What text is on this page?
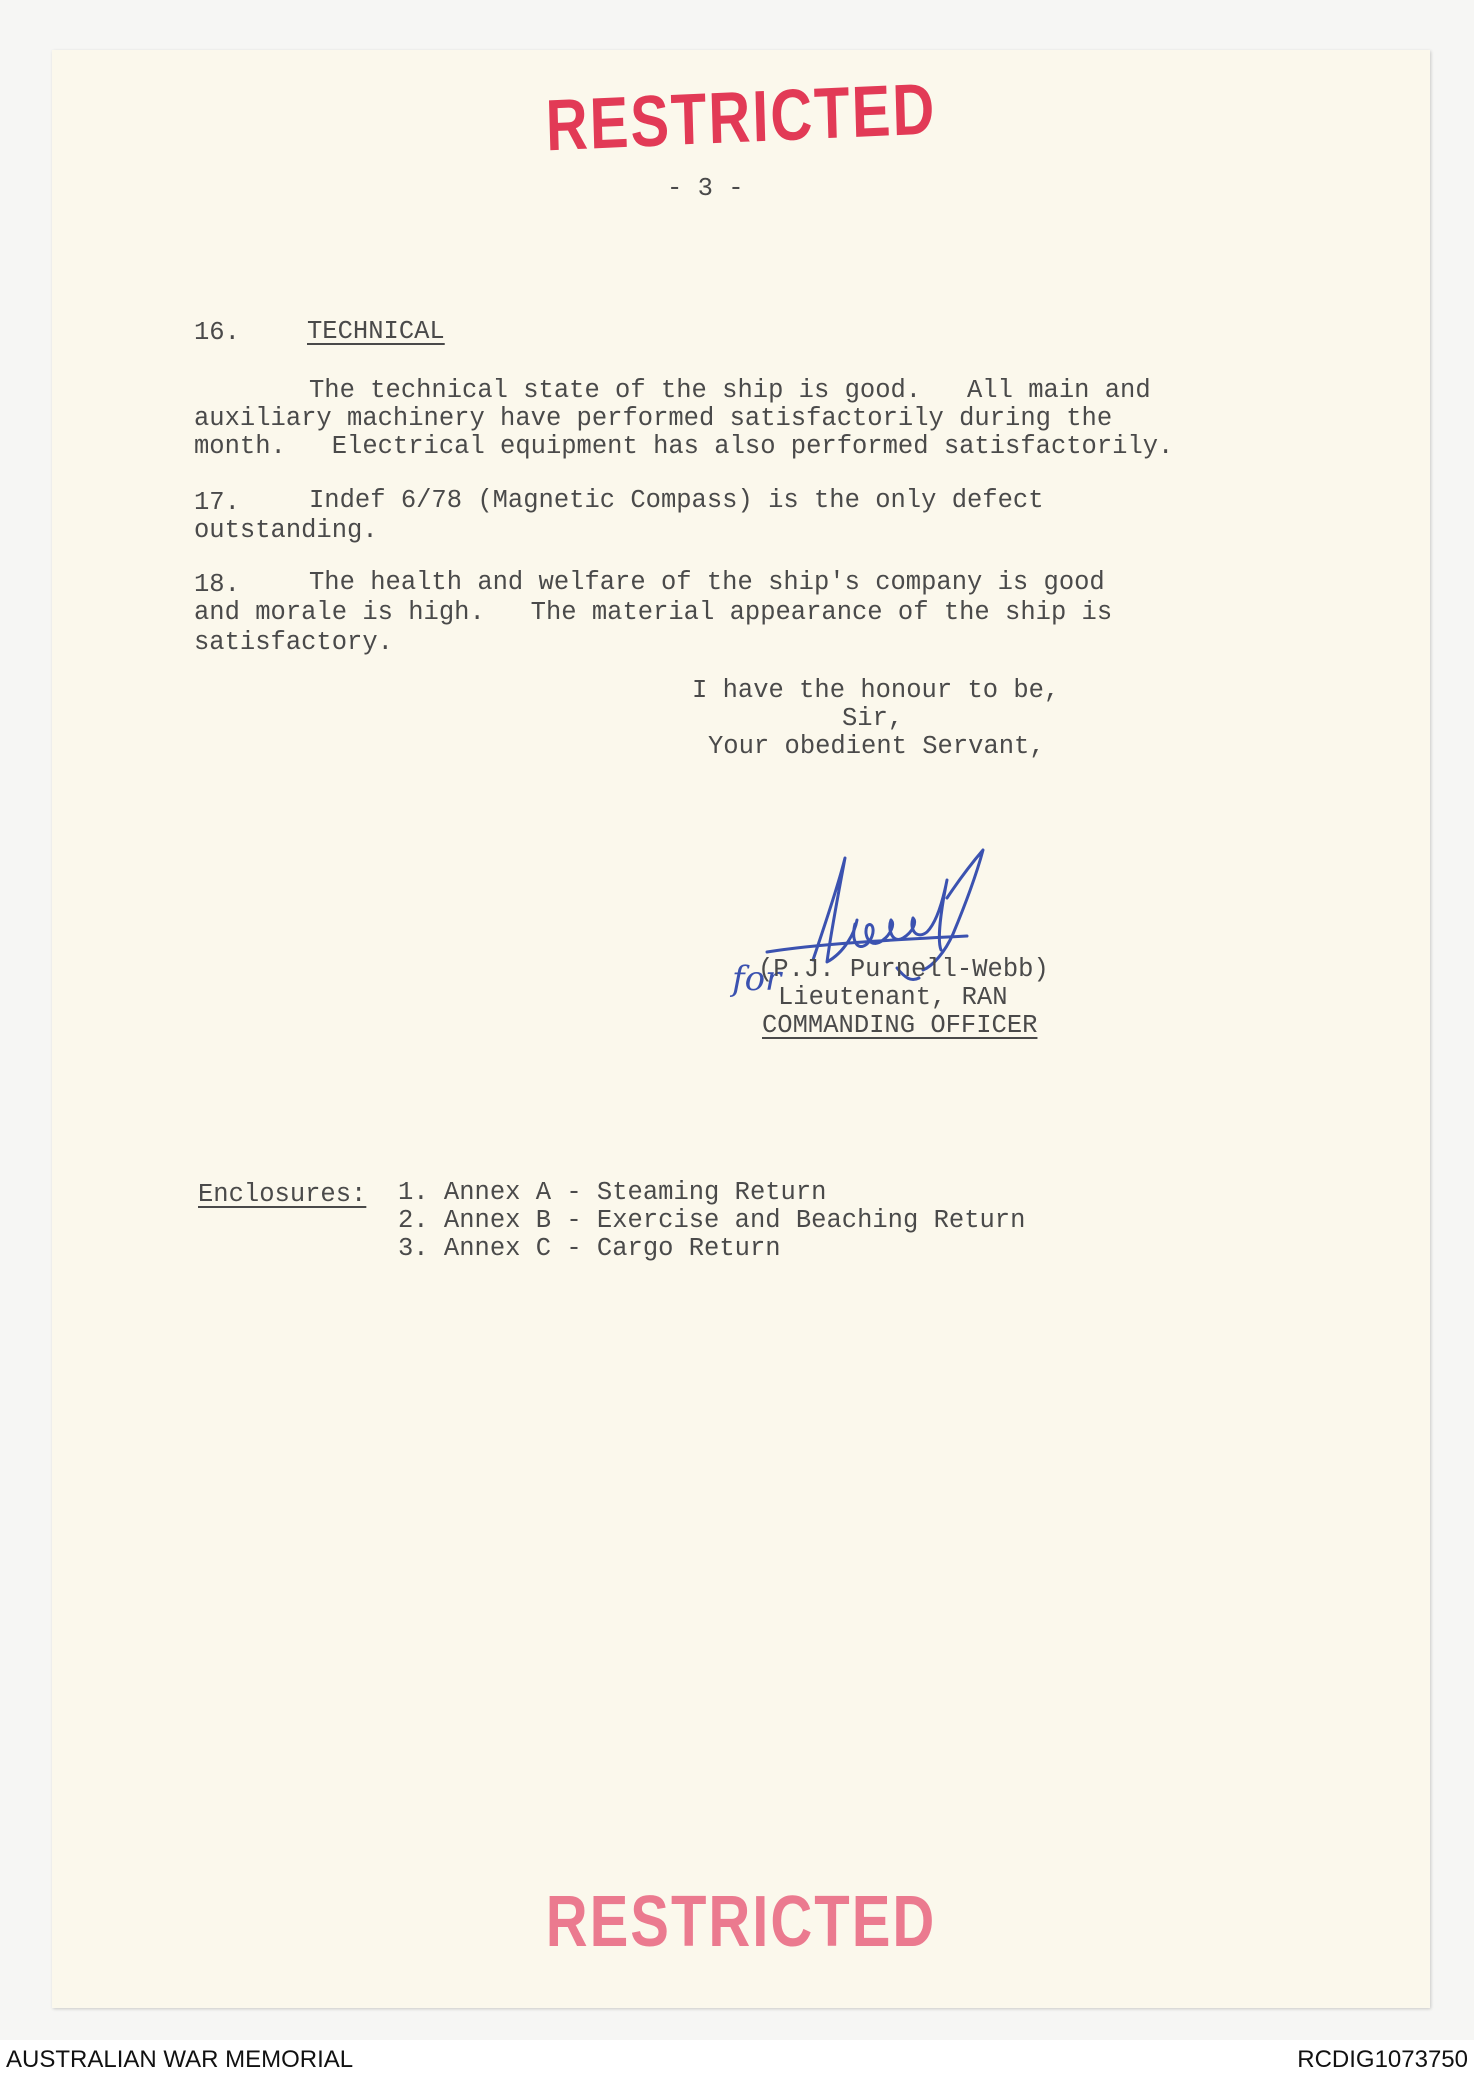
RESTRICTED
- 3 -
16.	TECHNICAL
The technical state of the ship is good.   All main and
auxiliary machinery have performed satisfactorily during the
month.   Electrical equipment has also performed satisfactorily.
17.	Indef 6/78 (Magnetic Compass) is the only defect
outstanding.
18.	The health and welfare of the ship's company is good
and morale is high.   The material appearance of the ship is
satisfactory.
I have the honour to be,
Sir,
Your obedient Servant,
for
(P.J. Purnell-Webb)
Lieutenant, RAN
COMMANDING OFFICER
Enclosures: 1. Annex A - Steaming Return
2. Annex B - Exercise and Beaching Return
3. Annex C - Cargo Return
RESTRICTED
AUSTRALIAN WAR MEMORIAL	RCDIG1073750
